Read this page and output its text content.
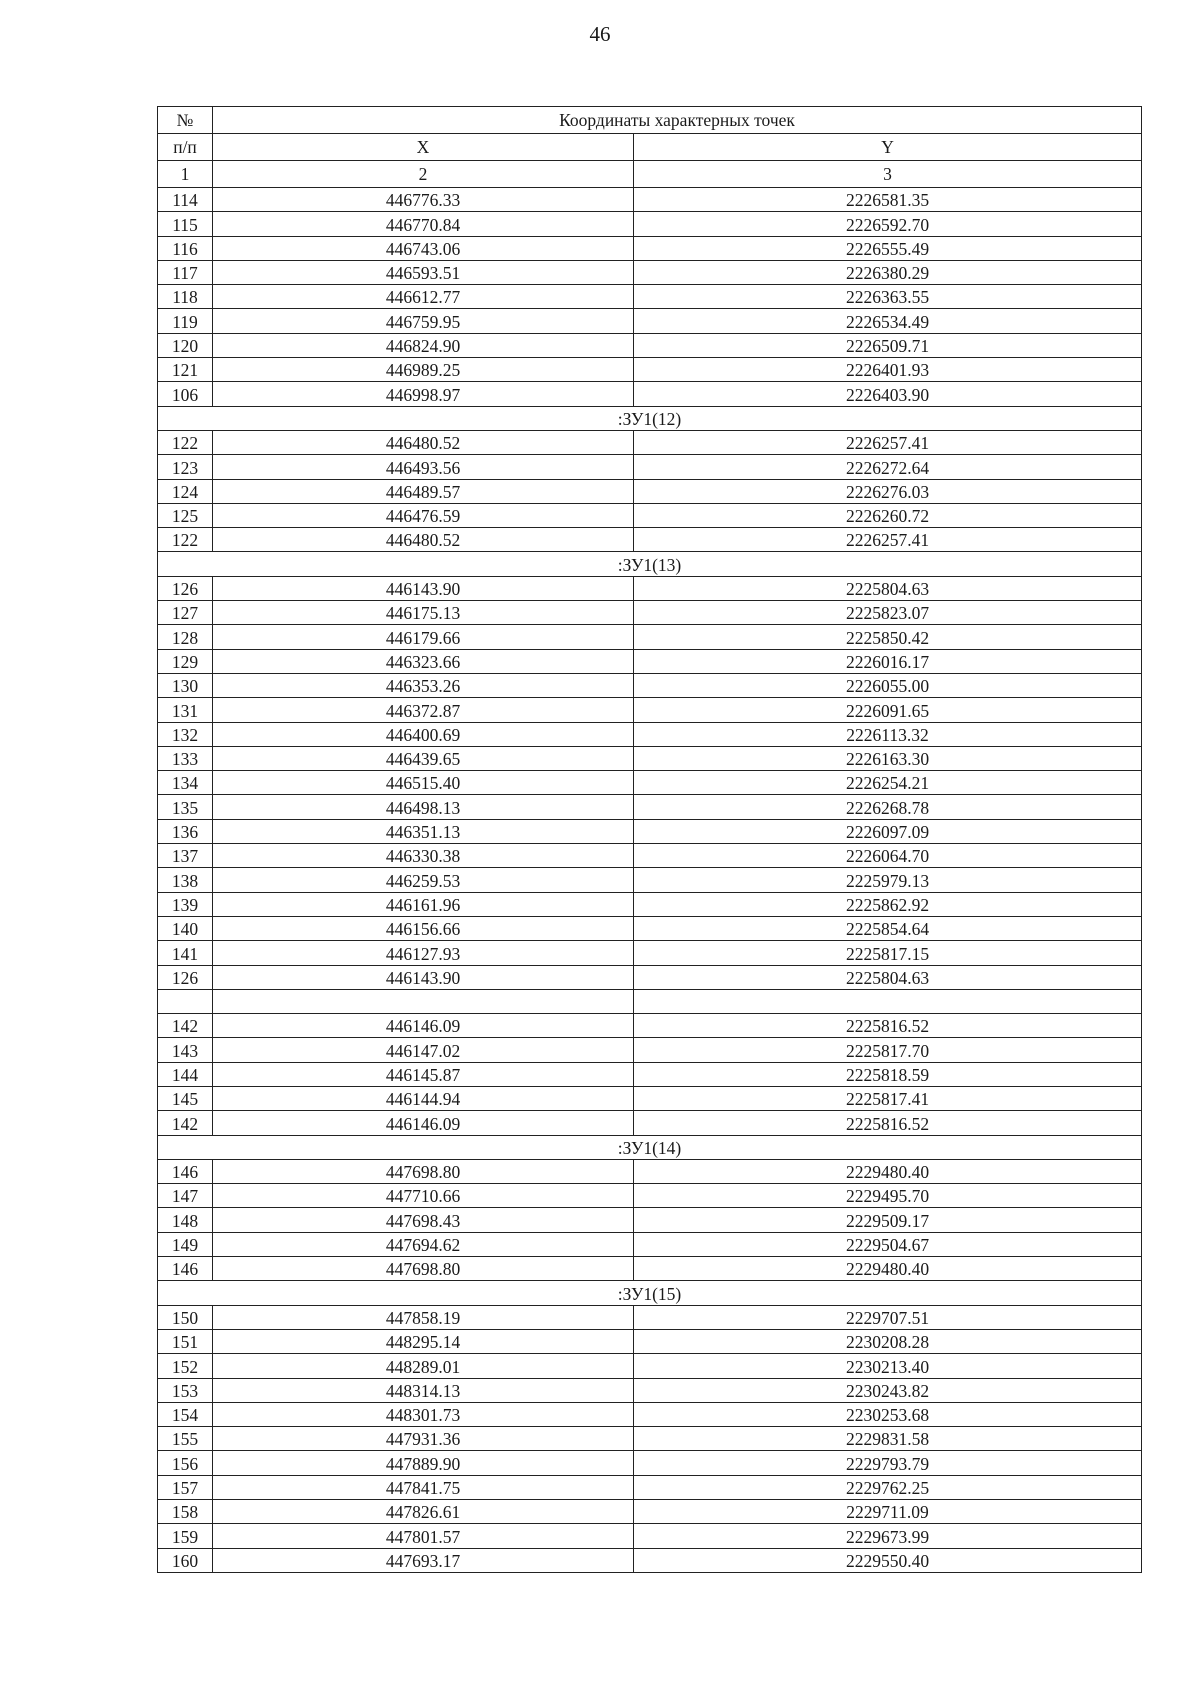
46
№	Координаты характерных точек	
п/п	X	Y
1	2	3
114	446776.33	2226581.35
115	446770.84	2226592.70
116	446743.06	2226555.49
117	446593.51	2226380.29
118	446612.77	2226363.55
119	446759.95	2226534.49
120	446824.90	2226509.71
121	446989.25	2226401.93
106	446998.97	2226403.90
:ЗУ1(12)		
122	446480.52	2226257.41
123	446493.56	2226272.64
124	446489.57	2226276.03
125	446476.59	2226260.72
122	446480.52	2226257.41
:ЗУ1(13)		
126	446143.90	2225804.63
127	446175.13	2225823.07
128	446179.66	2225850.42
129	446323.66	2226016.17
130	446353.26	2226055.00
131	446372.87	2226091.65
132	446400.69	2226113.32
133	446439.65	2226163.30
134	446515.40	2226254.21
135	446498.13	2226268.78
136	446351.13	2226097.09
137	446330.38	2226064.70
138	446259.53	2225979.13
139	446161.96	2225862.92
140	446156.66	2225854.64
141	446127.93	2225817.15
126	446143.90	2225804.63

142	446146.09	2225816.52
143	446147.02	2225817.70
144	446145.87	2225818.59
145	446144.94	2225817.41
142	446146.09	2225816.52
:ЗУ1(14)		
146	447698.80	2229480.40
147	447710.66	2229495.70
148	447698.43	2229509.17
149	447694.62	2229504.67
146	447698.80	2229480.40
:ЗУ1(15)		
150	447858.19	2229707.51
151	448295.14	2230208.28
152	448289.01	2230213.40
153	448314.13	2230243.82
154	448301.73	2230253.68
155	447931.36	2229831.58
156	447889.90	2229793.79
157	447841.75	2229762.25
158	447826.61	2229711.09
159	447801.57	2229673.99
160	447693.17	2229550.40
